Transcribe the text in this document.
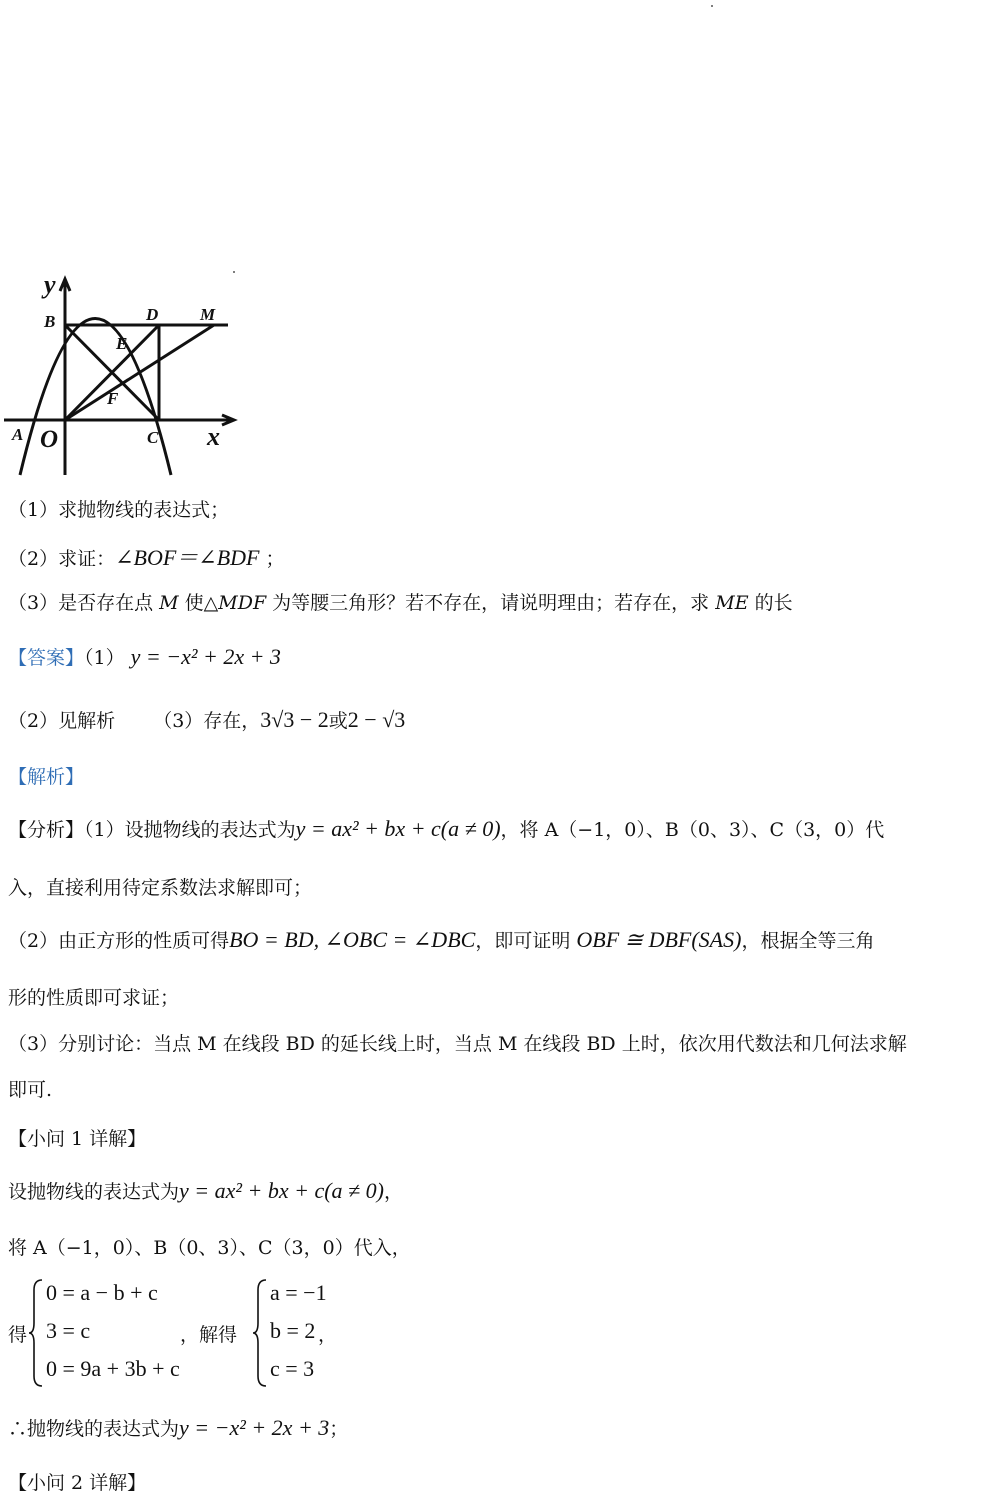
y
x
O
A
B
C
D
E
F
M
（1）求抛物线的表达式；
（2）求证：∠BOF＝∠BDF ；
（3）是否存在点 M 使△MDF 为等腰三角形？若不存在，请说明理由；若存在，求 ME 的长
【答案】（1） y = −x² + 2x + 3
（2）见解析 （3）存在，3√3 − 2或2 − √3
【解析】
【分析】（1）设抛物线的表达式为y = ax² + bx + c(a ≠ 0)，将 A（−1，0）、B（0、3）、C（3，0）代
入，直接利用待定系数法求解即可；
（2）由正方形的性质可得BO = BD, ∠OBC = ∠DBC，即可证明 OBF ≅ DBF(SAS)，根据全等三角
形的性质即可求证；
（3）分别讨论：当点 M 在线段 BD 的延长线上时，当点 M 在线段 BD 上时，依次用代数法和几何法求解
即可.
【小问 1 详解】
设抛物线的表达式为y = ax² + bx + c(a ≠ 0)，
将 A（−1，0）、B（0、3）、C（3，0）代入，
得
0 = a − b + c
3 = c
0 = 9a + 3b + c
，解得
a = −1
b = 2
c = 3
，
∴抛物线的表达式为y = −x² + 2x + 3；
【小问 2 详解】
